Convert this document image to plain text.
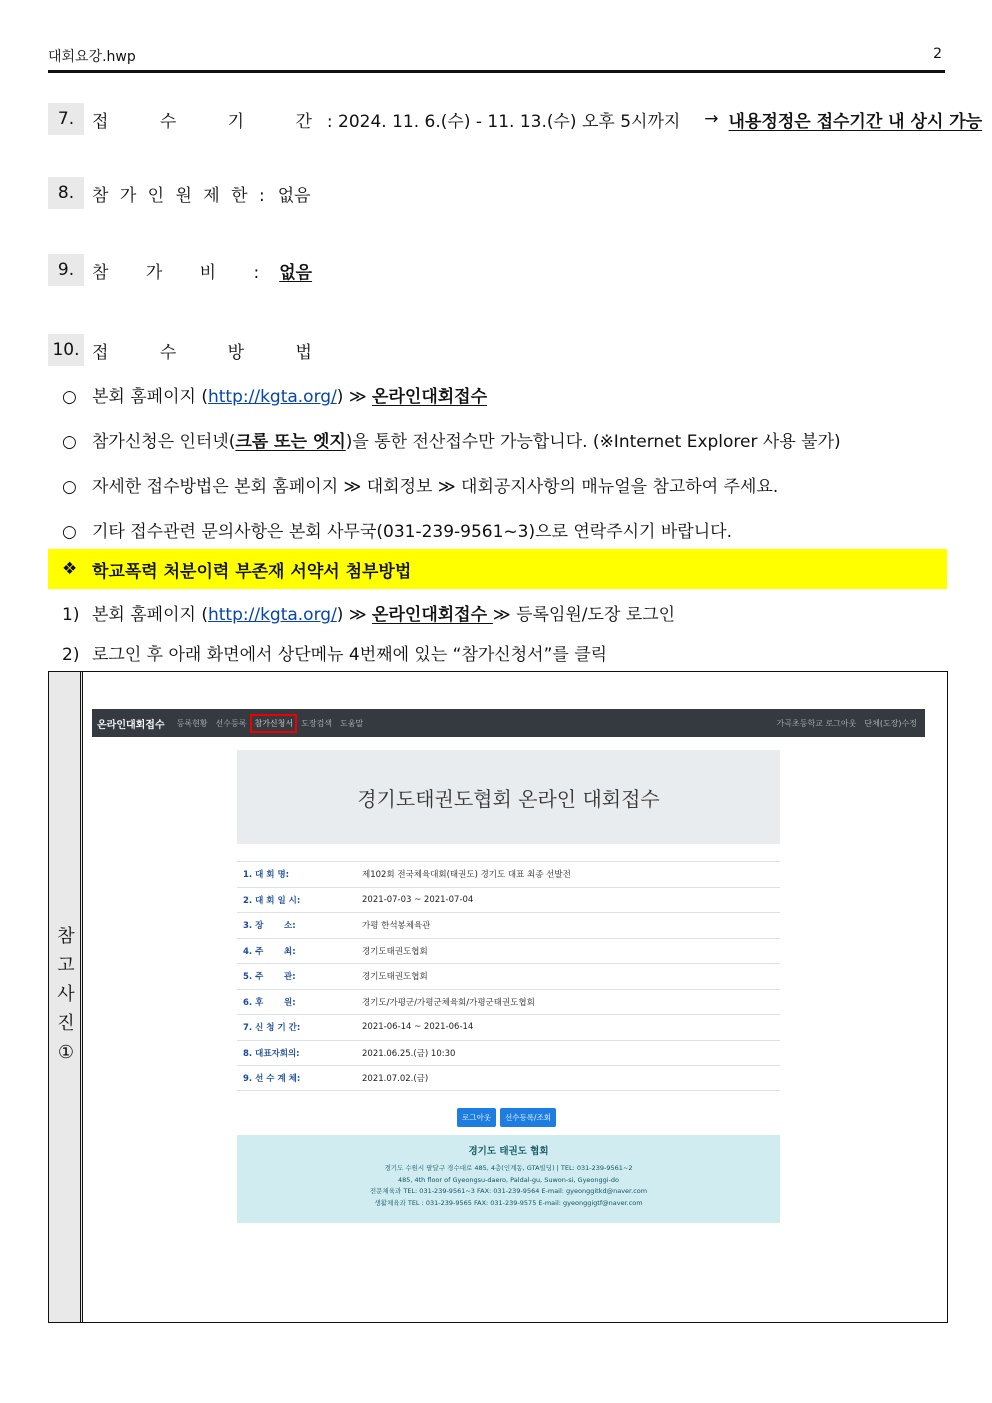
대회요강.hwp	2
7.	접 수 기 간
: 2024. 11. 6.(수) - 11. 13.(수) 오후 5시까지 → 내용정정은 접수기간 내 상시 가능
8.	참 가 인 원 제 한 : 없음
9.	참 가 비 : 없음
10. 접 수 방 법
○ 본회 홈페이지 (http://kgta.org/) ≫ 온라인대회접수
○ 참가신청은 인터넷(크롬 또는 엣지)을 통한 전산접수만 가능합니다. (※Internet Explorer 사용 불가)
○ 자세한 접수방법은 본회 홈페이지 ≫ 대회정보 ≫ 대회공지사항의 매뉴얼을 참고하여 주세요.
○ 기타 접수관련 문의사항은 본회 사무국(031-239-9561~3)으로 연락주시기 바랍니다.
❖ 학교폭력 처분이력 부존재 서약서 첨부방법
1) 본회 홈페이지 (http://kgta.org/) ≫ 온라인대회접수 ≫ 등록임원/도장 로그인
2) 로그인 후 아래 화면에서 상단메뉴 4번째에 있는 “참가신청서”를 클릭
참
고
사
진
①
온라인대회접수 등록현황 선수등록 참가신청서 도장검색 도움말	가곡초등학교 로그아웃 단체(도장)수정
경기도태권도협회 온라인 대회접수
1. 대 회 명:	제102회 전국체육대회(태권도) 경기도 대표 최종 선발전
2. 대 회 일 시:	2021-07-03 ~ 2021-07-04
3. 장       소:	가평 한석봉체육관
4. 주       최:	경기도태권도협회
5. 주       관:	경기도태권도협회
6. 후       원:	경기도/가평군/가평군체육회/가평군태권도협회
7. 신 청 기 간:	2021-06-14 ~ 2021-06-14
8. 대표자회의:	2021.06.25.(금) 10:30
9. 선 수 계 체:	2021.07.02.(금)
로그아웃	선수등록/조회
경기도 태권도 협회
경기도 수원시 팔달구 경수대로 485, 4층(인계동, GTA빌딩) | TEL: 031-239-9561~2
485, 4th floor of Gyeongsu-daero, Paldal-gu, Suwon-si, Gyeonggi-do
전문체육과 TEL: 031-239-9561~3 FAX: 031-239-9564 E-mail: gyeonggitkd@naver.com
생활체육과 TEL : 031-239-9565 FAX: 031-239-9575 E-mail: gyeonggigtf@naver.com
